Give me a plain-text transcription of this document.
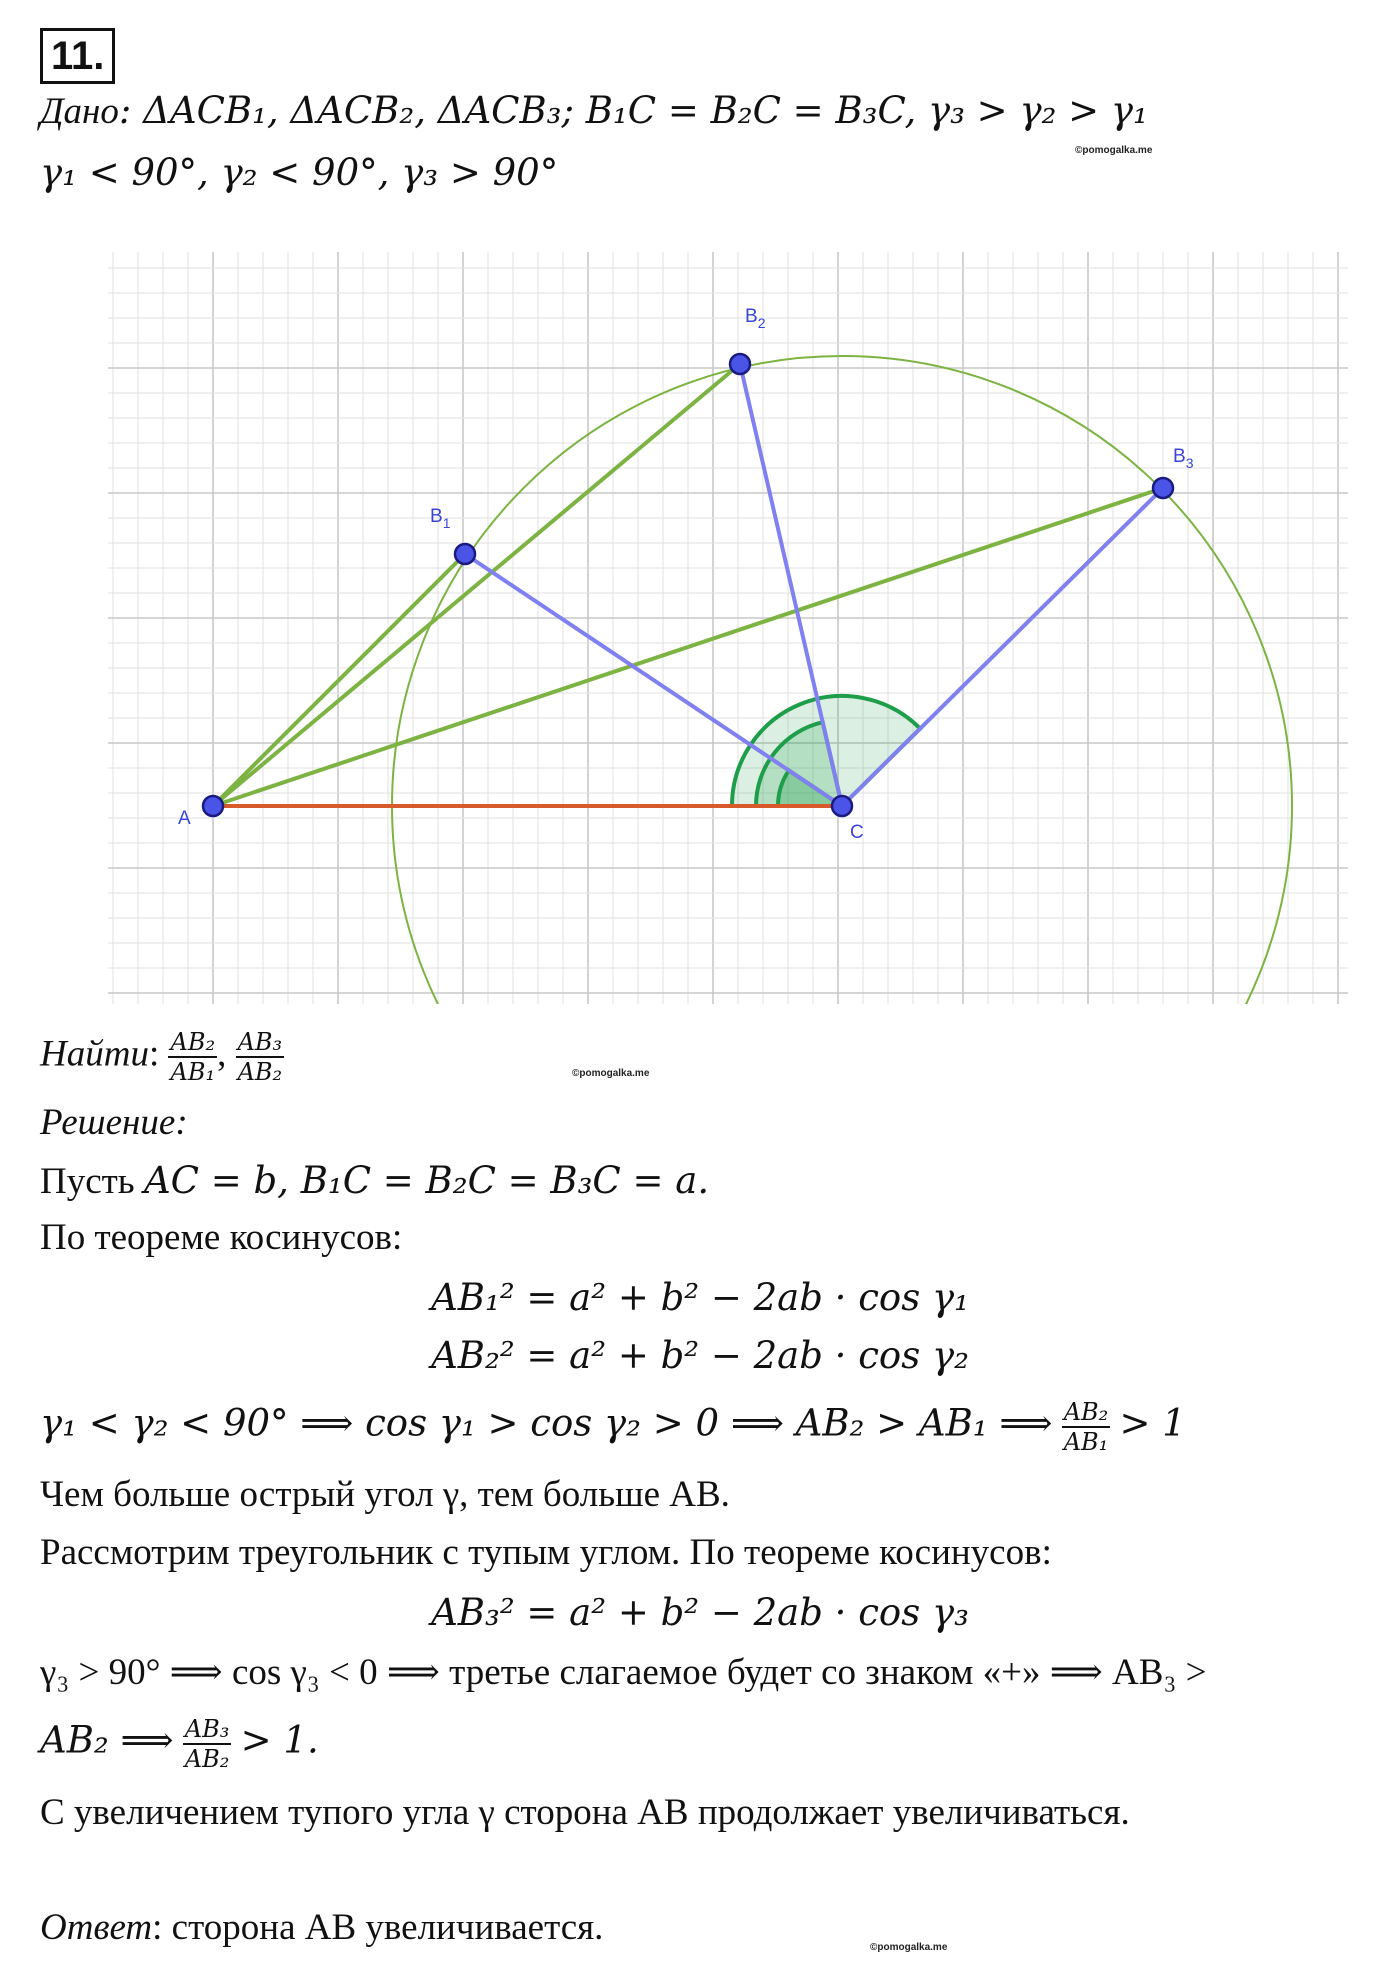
11.
Дано: ΔACB₁, ΔACB₂, ΔACB₃; B₁C = B₂C = B₃C, γ₃ > γ₂ > γ₁
γ₁ < 90°, γ₂ < 90°, γ₃ > 90°
©pomogalka.me
A
$B_1$
$B_2$
$B_3$
C
Найти: $\frac{\text{AB₂}}{\text{AB₁}}$ , $\frac{\text{AB₃}}{\text{AB₂}}$	©pomogalka.me
Решение:
Пусть AC = b, B₁C = B₂C = B₃C = a.
По теореме косинусов:
AB₁² = a² + b² − 2ab · cos γ₁
AB₂² = a² + b² − 2ab · cos γ₂
γ₁ < γ₂ < 90° ⟹ cos γ₁ > cos γ₂ > 0 ⟹ AB₂ > AB₁ ⟹ $\frac{\text{AB₂}}{\text{AB₁}} > 1$
Чем больше острый угол γ, тем больше AB.
Рассмотрим треугольник с тупым углом. По теореме косинусов:
AB₃² = a² + b² − 2ab · cos γ₃
γ₃ > 90° ⟹ cos γ₃ < 0 ⟹ третье слагаемое будет со знаком «+» ⟹ AB₃ >
AB₂ ⟹ $\frac{\text{AB₃}}{\text{AB₂}} > 1$.
С увеличением тупого угла γ сторона AB продолжает увеличиваться.
Ответ: сторона AB увеличивается.	©pomogalka.me
